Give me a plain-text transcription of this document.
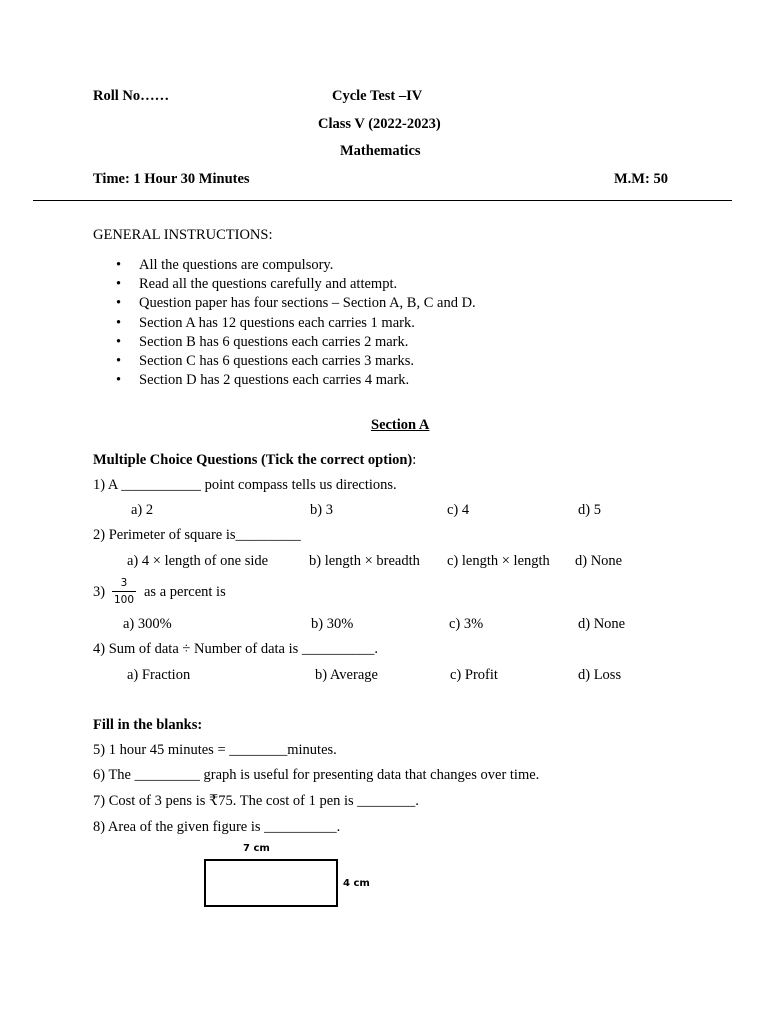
Roll No……	Cycle Test –IV
Class V (2022-2023)
Mathematics
Time: 1 Hour 30 Minutes	M.M: 50
GENERAL INSTRUCTIONS:
• All the questions are compulsory.
• Read all the questions carefully and attempt.
• Question paper has four sections – Section A, B, C and D.
• Section A has 12 questions each carries 1 mark.
• Section B has 6 questions each carries 2 mark.
• Section C has 6 questions each carries 3 marks.
• Section D has 2 questions each carries 4 mark.
Section A
Multiple Choice Questions (Tick the correct option):
1) A ___________ point compass tells us directions.
a) 2	b) 3	c) 4	d) 5
2) Perimeter of square is_________
a) 4 × length of one side	b) length × breadth c) length × length d) None
3)
3
100 as a percent is
a) 300%	b) 30%	c) 3%	d) None
4) Sum of data ÷ Number of data is __________.
a) Fraction	b) Average	c) Profit	d) Loss
Fill in the blanks:
5) 1 hour 45 minutes = ________minutes.
6) The _________ graph is useful for presenting data that changes over time.
7) Cost of 3 pens is ₹75. The cost of 1 pen is ________.
8) Area of the given figure is __________.
7 cm
4 cm
